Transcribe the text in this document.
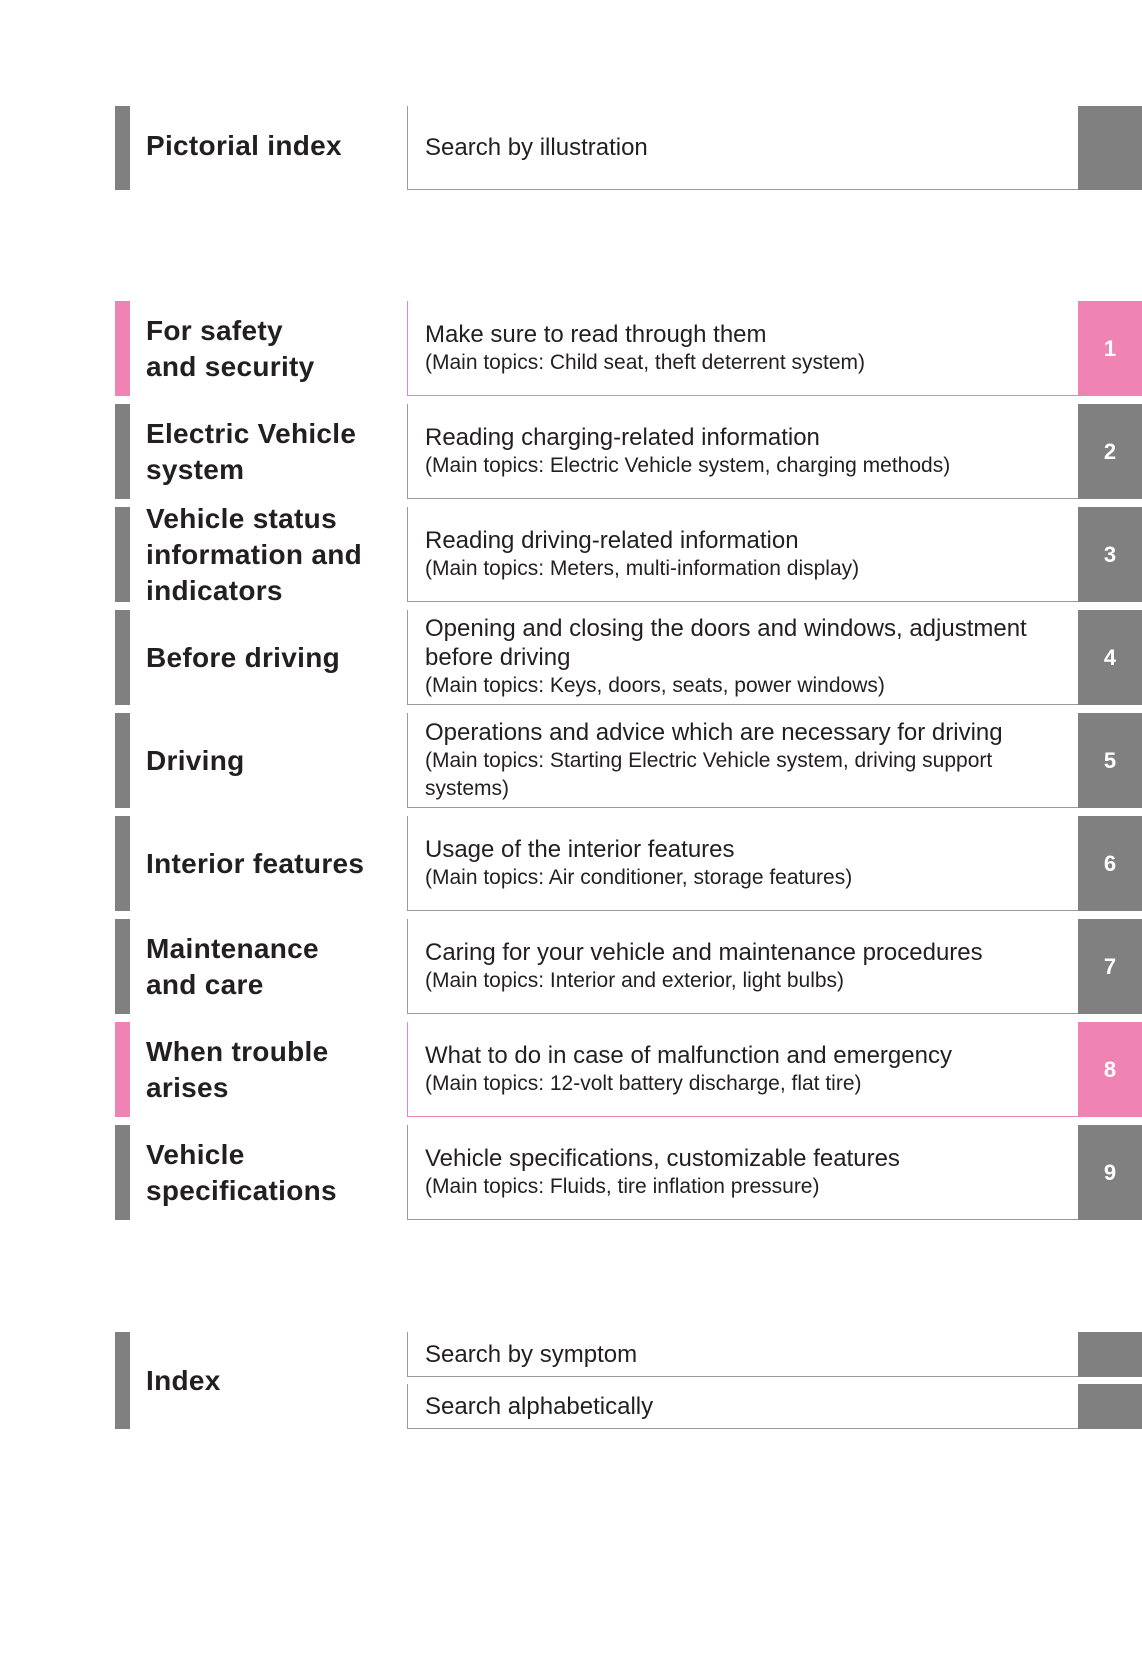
Pictorial index	Search by illustration
For safety
and security
Make sure to read through them
(Main topics: Child seat, theft deterrent system)
1
Electric Vehicle
system
Reading charging-related information
(Main topics: Electric Vehicle system, charging methods)
2
Vehicle status
information and
indicators
Reading driving-related information
(Main topics: Meters, multi-information display)
3
Before driving
Opening and closing the doors and windows, adjustment before driving
(Main topics: Keys, doors, seats, power windows)
4
Driving
Operations and advice which are necessary for driving
(Main topics: Starting Electric Vehicle system, driving support systems)
5
Interior features	Usage of the interior features
(Main topics: Air conditioner, storage features)
6
Maintenance
and care
Caring for your vehicle and maintenance procedures
(Main topics: Interior and exterior, light bulbs)
7
When trouble
arises
What to do in case of malfunction and emergency
(Main topics: 12-volt battery discharge, flat tire)
8
Vehicle
specifications
Vehicle specifications, customizable features
(Main topics: Fluids, tire inflation pressure)
9
Index
Search by symptom
Search alphabetically
